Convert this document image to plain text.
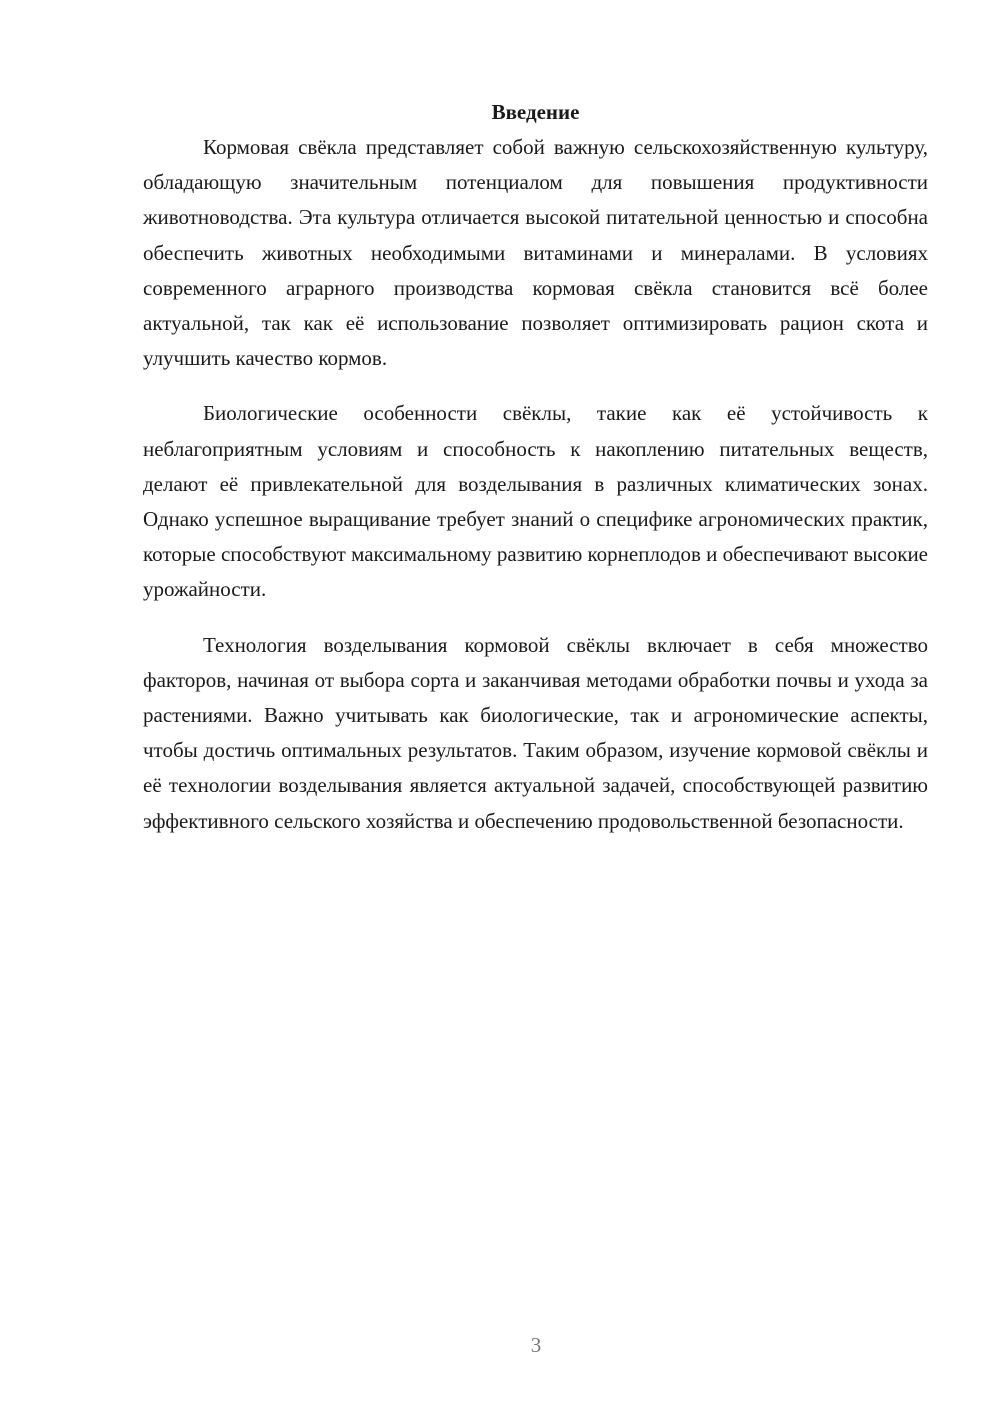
Введение

Кормовая свёкла представляет собой важную сельскохозяйственную культуру, обладающую значительным потенциалом для повышения продуктивности животноводства. Эта культура отличается высокой питательной ценностью и способна обеспечить животных необходимыми витаминами и минералами. В условиях современного аграрного производства кормовая свёкла становится всё более актуальной, так как её использование позволяет оптимизировать рацион скота и улучшить качество кормов.

Биологические особенности свёклы, такие как её устойчивость к неблагоприятным условиям и способность к накоплению питательных веществ, делают её привлекательной для возделывания в различных климатических зонах. Однако успешное выращивание требует знаний о специфике агрономических практик, которые способствуют максимальному развитию корнеплодов и обеспечивают высокие урожайности.

Технология возделывания кормовой свёклы включает в себя множество факторов, начиная от выбора сорта и заканчивая методами обработки почвы и ухода за растениями. Важно учитывать как биологические, так и агрономические аспекты, чтобы достичь оптимальных результатов. Таким образом, изучение кормовой свёклы и её технологии возделывания является актуальной задачей, способствующей развитию эффективного сельского хозяйства и обеспечению продовольственной безопасности.

3
